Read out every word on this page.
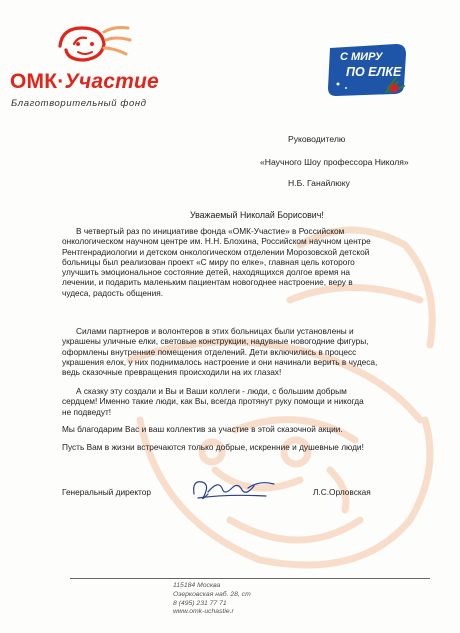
ОМК·Участие
Благотворительный фонд
С МИРУ
ПО ЕЛКЕ
Руководителю
«Научного Шоу профессора Николя»
Н.Б. Ганайлюку
Уважаемый Николай Борисович!
В четвертый раз по инициативе фонда «ОМК-Участие» в Российском
онкологическом научном центре им. Н.Н. Блохина, Российском научном центре
Рентгенрадиологии и детском онкологическом отделении Морозовской детской
больницы был реализован проект «С миру по елке», главная цель которого
улучшить эмоциональное состояние детей, находящихся долгое время на
лечении, и подарить маленьким пациентам новогоднее настроение, веру в
чудеса, радость общения.
Силами партнеров и волонтеров в этих больницах были установлены и
украшены уличные елки, световые конструкции, надувные новогодние фигуры,
оформлены внутренние помещения отделений. Дети включились в процесс
украшения елок, у них поднималось настроение и они начинали верить в чудеса,
ведь сказочные превращения происходили на их глазах!
А сказку эту создали и Вы и Ваши коллеги - люди, с большим добрым
сердцем! Именно такие люди, как Вы, всегда протянут руку помощи и никогда
не подведут!
Мы благодарим Вас и ваш коллектив за участие в этой сказочной акции.
Пусть Вам в жизни встречаются только добрые, искренние и душевные люди!
Генеральный директор	Л.С.Орловская
115184 Москва
Озерковская наб. 28, ст
8 (495) 231 77 71
www.omk-uchastie.r
